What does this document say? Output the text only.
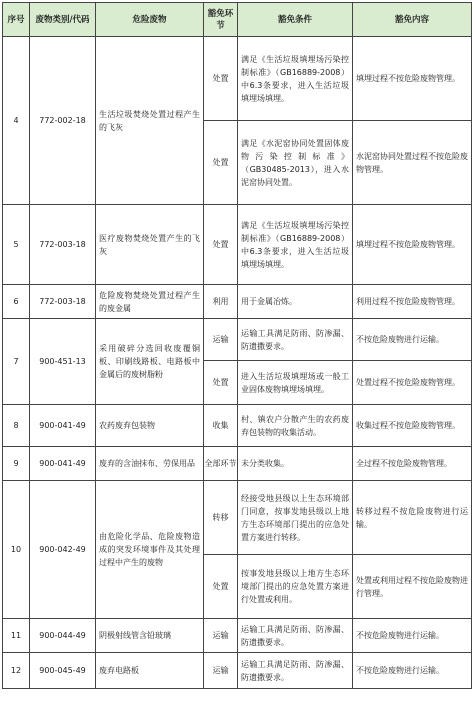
序号	废物类别/代码	危险废物	豁免环节	豁免条件	豁免内容
4	772-002-18	生活垃圾焚烧处置过程产生的飞灰	处置	满足《生活垃圾填埋场污染控制标准》（GB16889-2008）中6.3条要求，进入生活垃圾填埋场填埋。	填埋过程不按危险废物管理。
			处置	满足《水泥窑协同处置固体废物污染控制标准》（GB30485-2013），进入水泥窑协同处置。	水泥窑协同处置过程不按危险废物管理。
5	772-003-18	医疗废物焚烧处置产生的飞灰	处置	满足《生活垃圾填埋场污染控制标准》（GB16889-2008）中6.3条要求，进入生活垃圾填埋场填埋。	填埋过程不按危险废物管理。
6	772-003-18	危险废物焚烧处置过程产生的废金属	利用	用于金属冶炼。	利用过程不按危险废物管理。
7	900-451-13	采用破碎分选回收废覆铜板、印刷线路板、电路板中金属后的废树脂粉	运输	运输工具满足防雨、防渗漏、防遗撒要求。	不按危险废物进行运输。
			处置	进入生活垃圾填埋场或一般工业固体废物填埋场填埋。	处置过程不按危险废物管理。
8	900-041-49	农药废弃包装物	收集	村、镇农户分散产生的农药废弃包装物的收集活动。	收集过程不按危险废物管理。
9	900-041-49	废弃的含油抹布、劳保用品	全部环节	未分类收集。	全过程不按危险废物管理。
10	900-042-49	由危险化学品、危险废物造成的突发环境事件及其处理过程中产生的废物	转移	经接受地县级以上生态环境部门同意，按事发地县级以上地方生态环境部门提出的应急处置方案进行转移。	转移过程不按危险废物进行运输。
			处置	按事发地县级以上地方生态环境部门提出的应急处置方案进行处置或利用。	处置或利用过程不按危险废物进行管理。
11	900-044-49	阴极射线管含铅玻璃	运输	运输工具满足防雨、防渗漏、防遗撒要求。	不按危险废物进行运输。
12	900-045-49	废弃电路板	运输	运输工具满足防雨、防渗漏、防遗撒要求。	不按危险废物进行运输。
